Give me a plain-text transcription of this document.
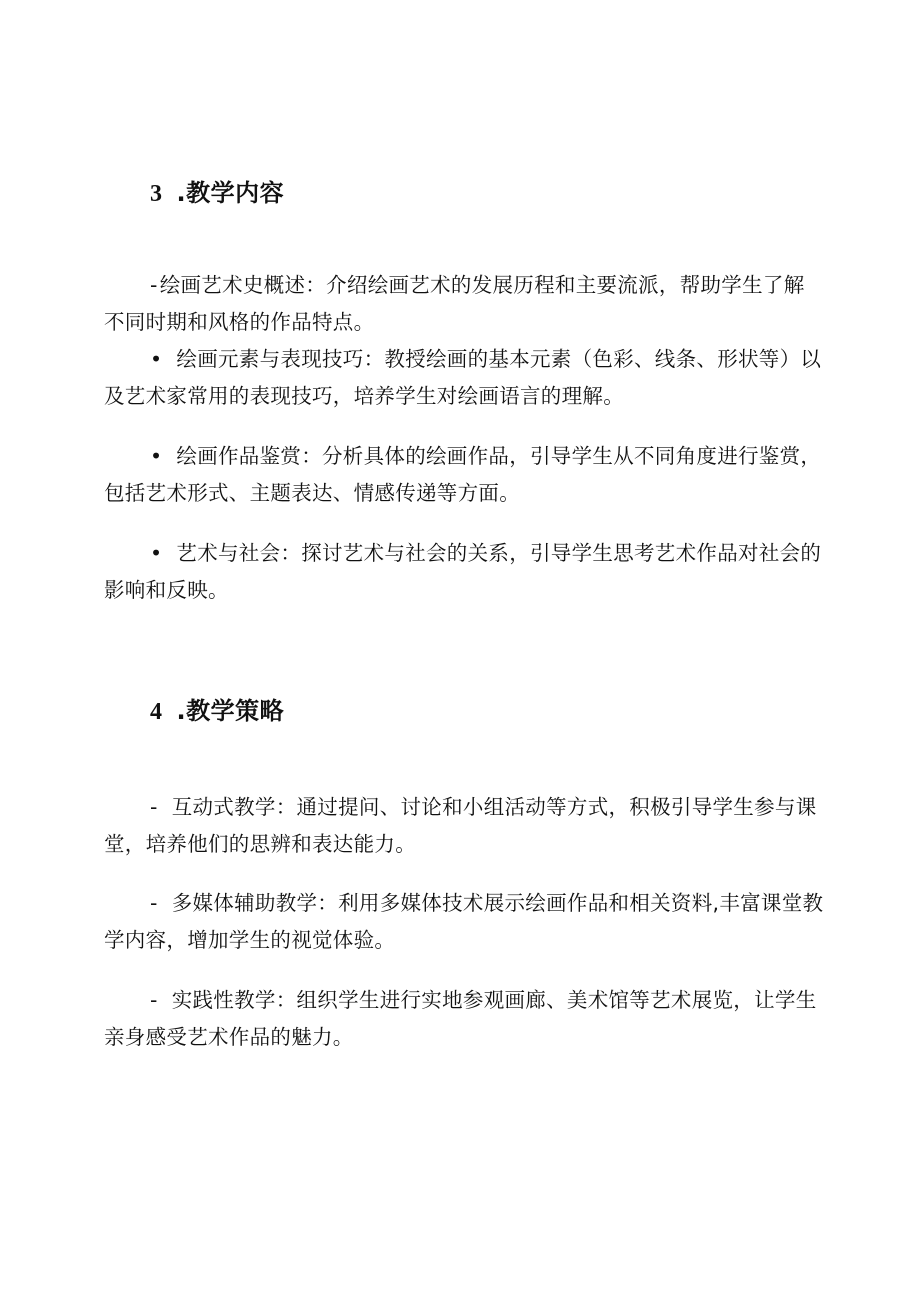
3 .教学内容

-绘画艺术史概述：介绍绘画艺术的发展历程和主要流派，帮助学生了解不同时期和风格的作品特点。

• 绘画元素与表现技巧：教授绘画的基本元素（色彩、线条、形状等）以及艺术家常用的表现技巧，培养学生对绘画语言的理解。

• 绘画作品鉴赏：分析具体的绘画作品，引导学生从不同角度进行鉴赏，包括艺术形式、主题表达、情感传递等方面。

• 艺术与社会：探讨艺术与社会的关系，引导学生思考艺术作品对社会的影响和反映。

4 .教学策略

- 互动式教学：通过提问、讨论和小组活动等方式，积极引导学生参与课堂，培养他们的思辨和表达能力。

- 多媒体辅助教学：利用多媒体技术展示绘画作品和相关资料,丰富课堂教学内容，增加学生的视觉体验。

- 实践性教学：组织学生进行实地参观画廊、美术馆等艺术展览，让学生亲身感受艺术作品的魅力。
